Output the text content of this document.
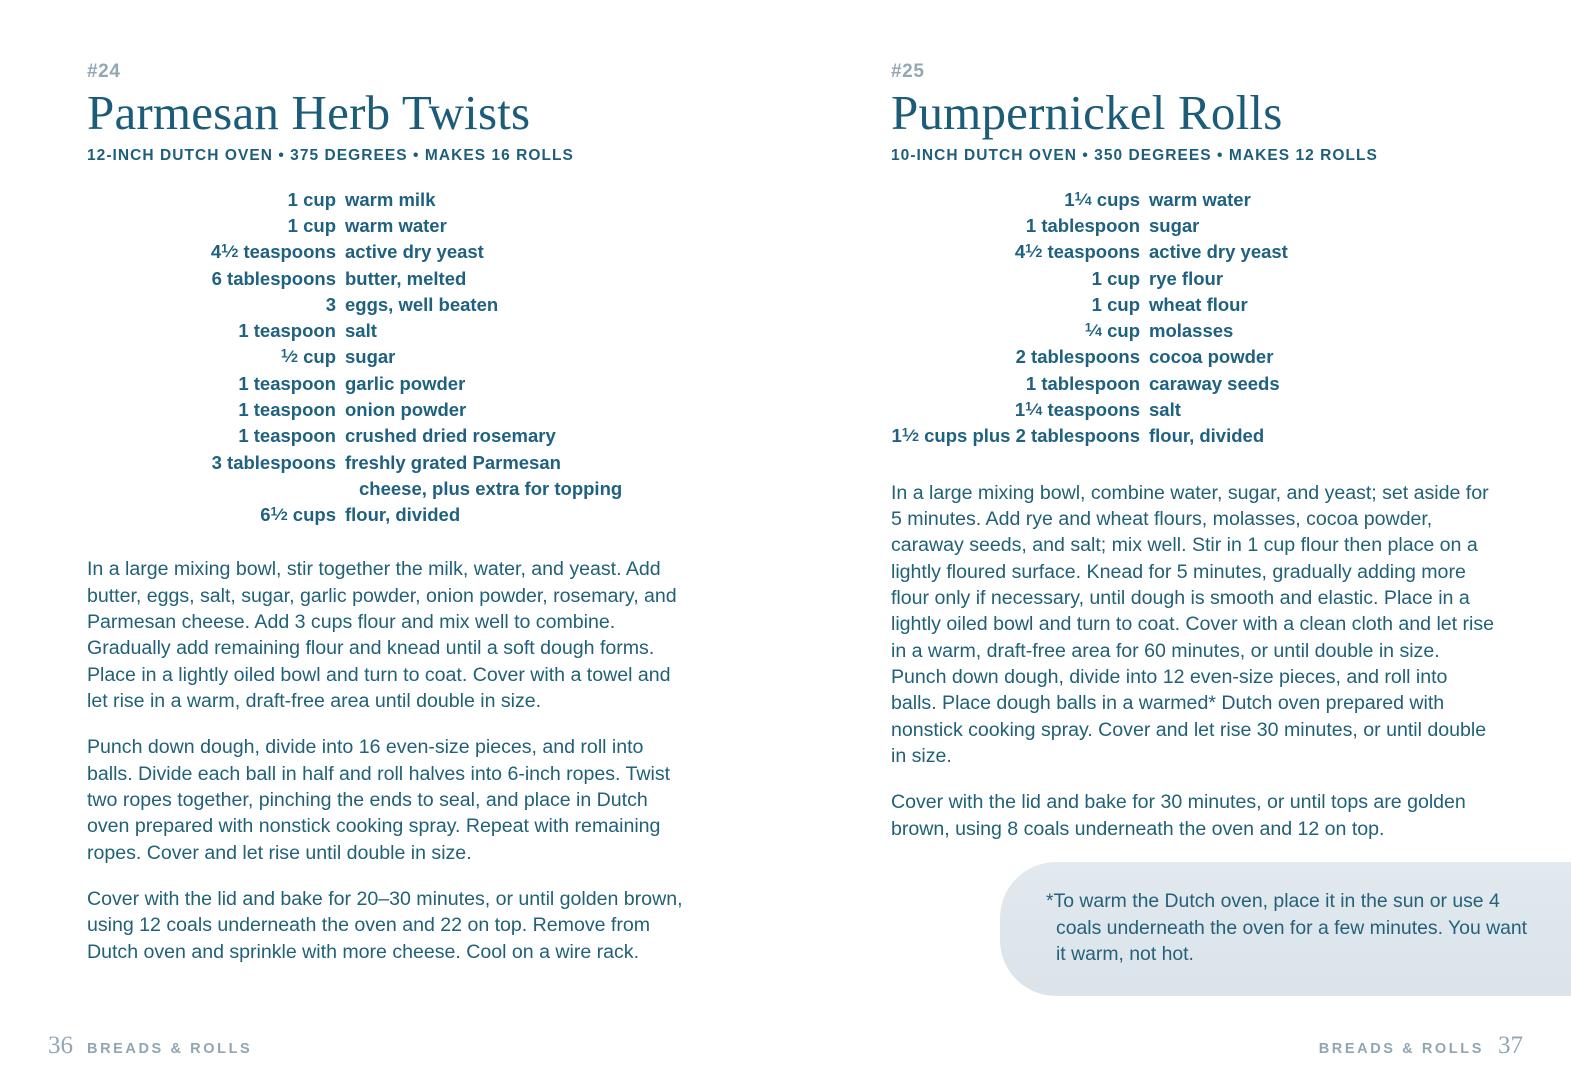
#24
Parmesan Herb Twists
12-INCH DUTCH OVEN • 375 DEGREES • MAKES 16 ROLLS
1 cup	warm milk
1 cup	warm water
$4^1⁄_2$ teaspoons	active dry yeast
6 tablespoons	butter, melted
3	eggs, well beaten
1 teaspoon	salt
$^1⁄_2$ cup	sugar
1 teaspoon	garlic powder
1 teaspoon	onion powder
1 teaspoon	crushed dried rosemary
3 tablespoons	freshly grated Parmesan
cheese, plus extra for topping

$6^1⁄_2$ cups	flour, divided

In a large mixing bowl, stir together the milk, water, and yeast. Add butter, eggs, salt, sugar, garlic powder, onion powder, rosemary, and Parmesan cheese. Add 3 cups flour and mix well to combine. Gradually add remaining flour and knead until a soft dough forms. Place in a lightly oiled bowl and turn to coat. Cover with a towel and let rise in a warm, draft-free area until double in size.

Punch down dough, divide into 16 even-size pieces, and roll into balls. Divide each ball in half and roll halves into 6-inch ropes. Twist two ropes together, pinching the ends to seal, and place in Dutch oven prepared with nonstick cooking spray. Repeat with remaining ropes. Cover and let rise until double in size.

Cover with the lid and bake for 20–30 minutes, or until golden brown, using 12 coals underneath the oven and 22 on top. Remove from Dutch oven and sprinkle with more cheese. Cool on a wire rack.

36 BREADS & ROLLS
#25
Pumpernickel Rolls
10-INCH DUTCH OVEN • 350 DEGREES • MAKES 12 ROLLS
$1^1⁄_4$ cups	warm water
1 tablespoon	sugar
$4^1⁄_2$ teaspoons	active dry yeast
1 cup	rye flour
1 cup	wheat flour
$^1⁄_4$ cup	molasses
2 tablespoons	cocoa powder
1 tablespoon	caraway seeds
$1^1⁄_4$ teaspoons	salt
$1^1⁄_2$ cups plus 2 tablespoons	flour, divided

In a large mixing bowl, combine water, sugar, and yeast; set aside for 5 minutes. Add rye and wheat flours, molasses, cocoa powder, caraway seeds, and salt; mix well. Stir in 1 cup flour then place on a lightly floured surface. Knead for 5 minutes, gradually adding more flour only if necessary, until dough is smooth and elastic. Place in a lightly oiled bowl and turn to coat. Cover with a clean cloth and let rise in a warm, draft-free area for 60 minutes, or until double in size. Punch down dough, divide into 12 even-size pieces, and roll into balls. Place dough balls in a warmed* Dutch oven prepared with nonstick cooking spray. Cover and let rise 30 minutes, or until double in size.

Cover with the lid and bake for 30 minutes, or until tops are golden brown, using 8 coals underneath the oven and 12 on top.

BREADS & ROLLS 37

*To warm the Dutch oven, place it in the sun or use 4 coals underneath the oven for a few minutes. You want it warm, not hot.
